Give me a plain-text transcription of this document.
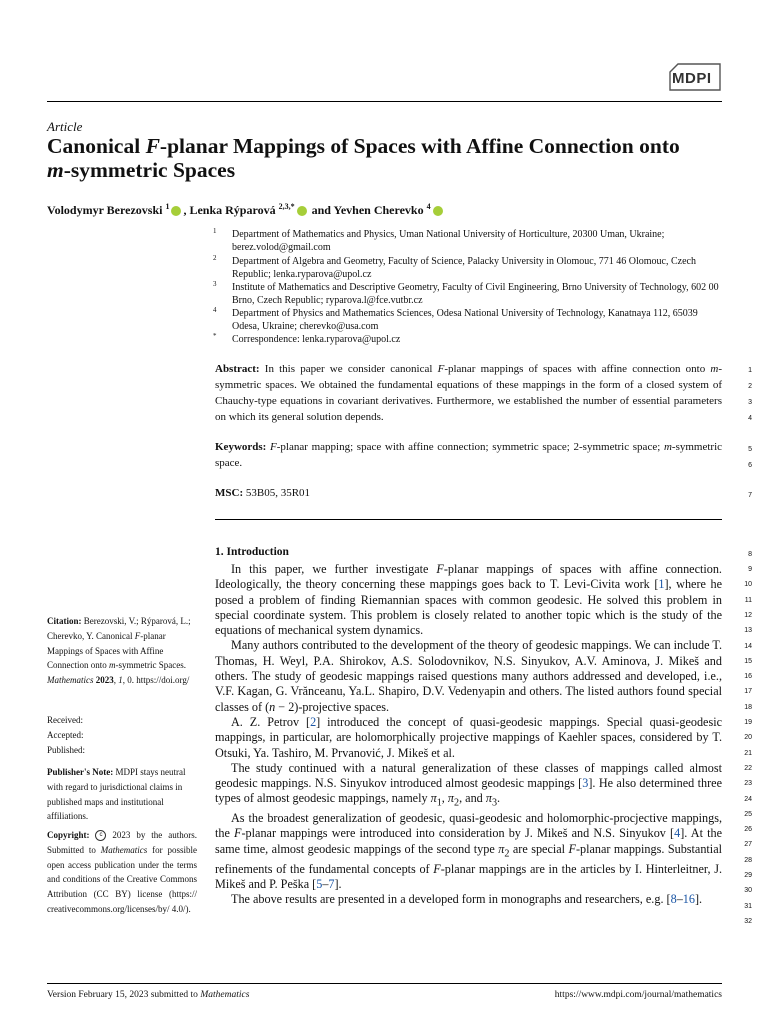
MDPI
Article
Canonical F-planar Mappings of Spaces with Affine Connection onto m-symmetric Spaces
Volodymyr Berezovski $^1$ , Lenka Rýparová $^{2,3,*}$ and Yevhen Cherevko $^4$
1 Department of Mathematics and Physics, Uman National University of Horticulture, 20300 Uman, Ukraine; berez.volod@gmail.com
2 Department of Algebra and Geometry, Faculty of Science, Palacky University in Olomouc, 771 46 Olomouc, Czech Republic; lenka.ryparova@upol.cz
3 Institute of Mathematics and Descriptive Geometry, Faculty of Civil Engineering, Brno University of Technology, 602 00 Brno, Czech Republic; ryparova.l@fce.vutbr.cz
4 Department of Physics and Mathematics Sciences, Odesa National University of Technology, Kanatnaya 112, 65039 Odesa, Ukraine; cherevko@usa.com
* Correspondence: lenka.ryparova@upol.cz
Abstract: In this paper we consider canonical F-planar mappings of spaces with affine connection onto m-symmetric spaces. We obtained the fundamental equations of these mappings in the form of a closed system of Chauchy-type equations in covariant derivatives. Furthermore, we established the number of essential parameters on which its general solution depends.
Keywords: F-planar mapping; space with affine connection; symmetric space; 2-symmetric space; m-symmetric space.
MSC: 53B05, 35R01
1. Introduction

In this paper, we further investigate F-planar mappings of spaces with affine connection. Ideologically, the theory concerning these mappings goes back to T. Levi-Civita work [1], where he posed a problem of finding Riemannian spaces with common geodesic. He solved this problem in special coordinate system. This problem is closely related to another topic which is the study of the equations of mechanical system dynamics.

Many authors contributed to the development of the theory of geodesic mappings. We can include T. Thomas, H. Weyl, P.A. Shirokov, A.S. Solodovnikov, N.S. Sinyukov, A.V. Aminova, J. Mikeš and others. The study of geodesic mappings raised questions many authors addressed and developed, i.e., V.F. Kagan, G. Vrănceanu, Ya.L. Shapiro, D.V. Vedenyapin and others. The listed authors found special classes of (n − 2)-projective spaces.

A. Z. Petrov [2] introduced the concept of quasi-geodesic mappings. Special quasi-geodesic mappings, in particular, are holomorphically projective mappings of Kaehler spaces, considered by T. Otsuki, Ya. Tashiro, M. Prvanović, J. Mikeš et al.

The study continued with a natural generalization of these classes of mappings called almost geodesic mappings. N.S. Sinyukov introduced almost geodesic mappings [3]. He also determined three types of almost geodesic mappings, namely $\pi_1$, $\pi_2$, and $\pi_3$.

As the broadest generalization of geodesic, quasi-geodesic and holomorphic-procjective mappings, the F-planar mappings were introduced into consideration by J. Mikeš and N.S. Sinyukov [4]. At the same time, almost geodesic mappings of the second type $\pi_2$ are special F-planar mappings. Substantial refinements of the fundamental concepts of F-planar mappings are in the articles by I. Hinterleitner, J. Mikeš and P. Peška [5–7].

The above results are presented in a developed form in monographs and researchers, e.g. [8–16].

1
2
3
4
5
6
7
8
9
10
11
12
13
14
15
16
17
18
19
20
21
22
23
24
25
26
27
28
29
30
31
32
Citation: Berezovski, V.; Rýparová, L.; Cherevko, Y. Canonical F-planar Mappings of Spaces with Affine Connection onto m-symmetric Spaces. Mathematics 2023, 1, 0. https://doi.org/
Received:
Accepted:
Published:
Publisher's Note: MDPI stays neutral with regard to jurisdictional claims in published maps and institutional affiliations.
Copyright: c 2023 by the authors. Submitted to Mathematics for possible open access publication under the terms and conditions of the Creative Commons Attribution (CC BY) license (https:// creativecommons.org/licenses/by/ 4.0/).
Version February 15, 2023 submitted to Mathematics	https://www.mdpi.com/journal/mathematics
